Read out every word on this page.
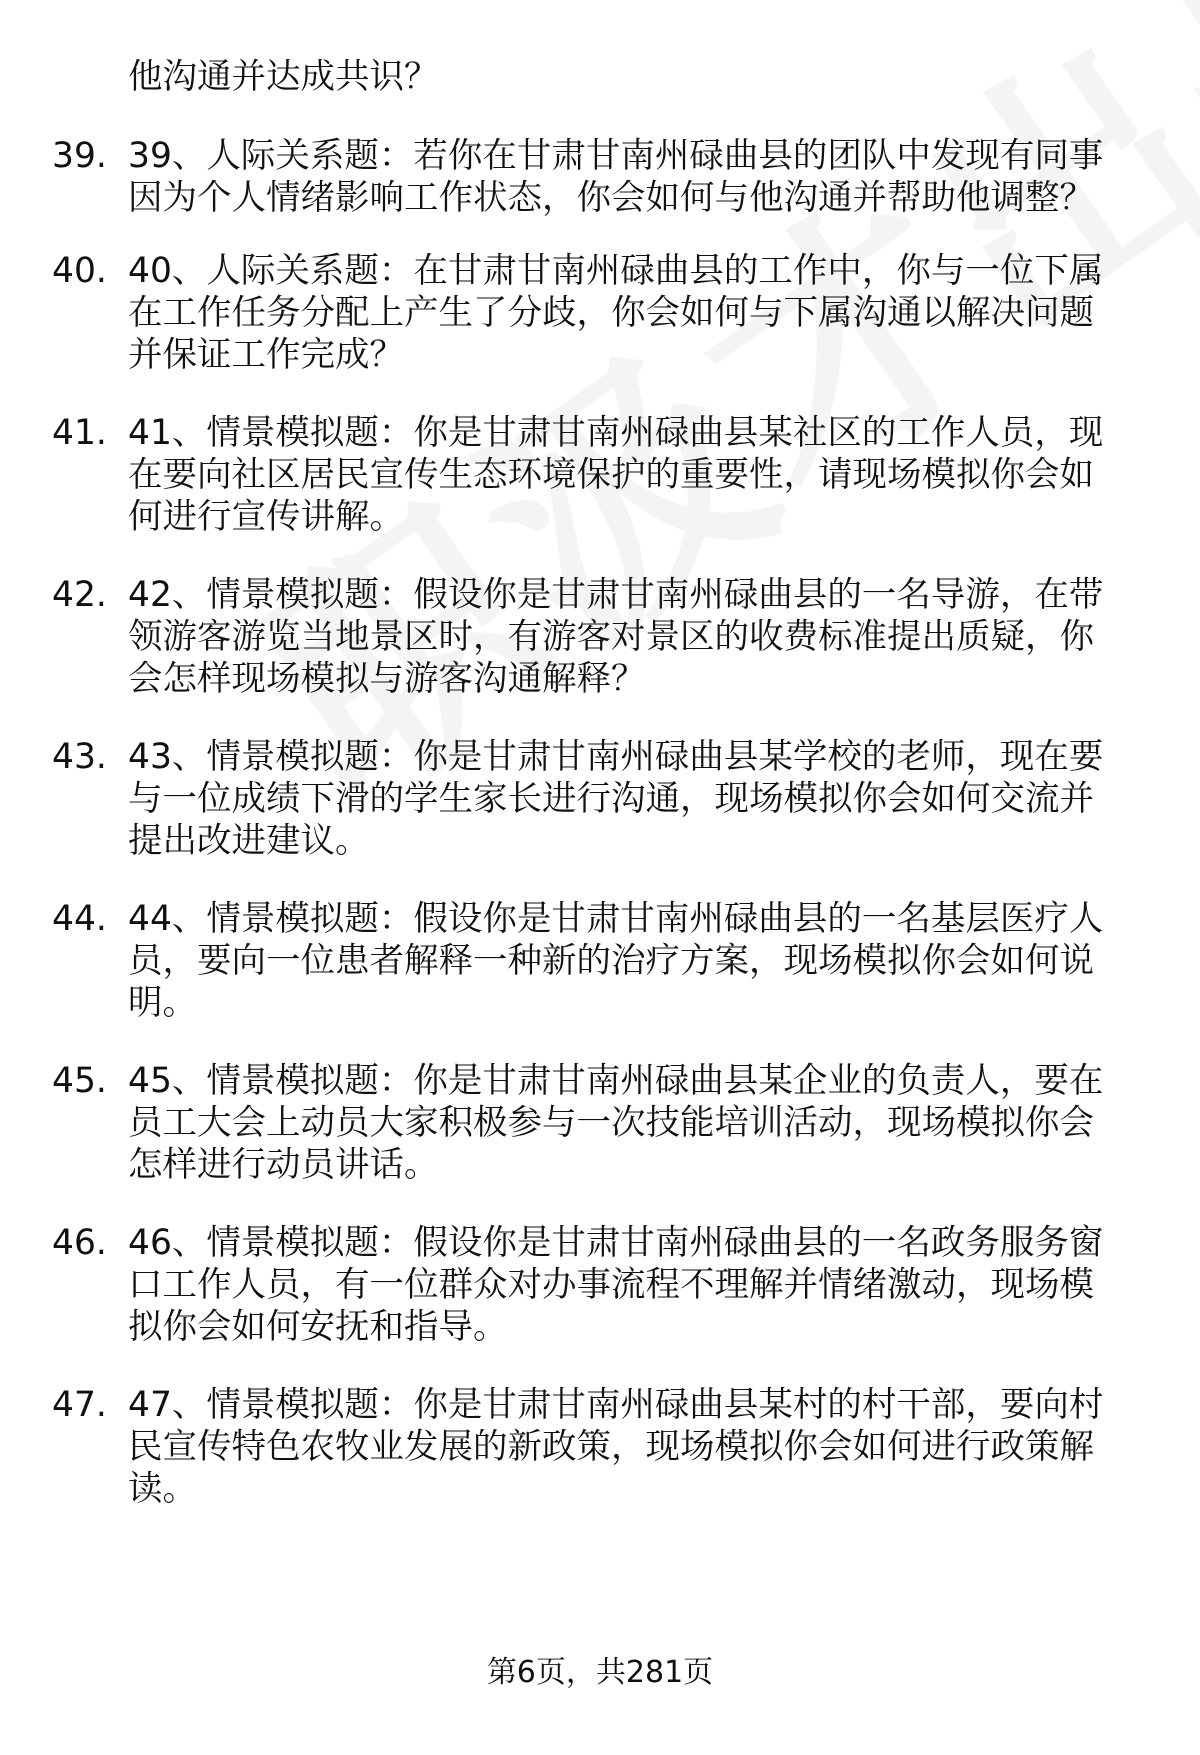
他沟通并达成共识？
39. 39、人际关系题：若你在甘肃甘南州碌曲县的团队中发现有同事
因为个人情绪影响工作状态，你会如何与他沟通并帮助他调整？
40. 40、人际关系题：在甘肃甘南州碌曲县的工作中，你与一位下属
在工作任务分配上产生了分歧，你会如何与下属沟通以解决问题
并保证工作完成？
41. 41、情景模拟题：你是甘肃甘南州碌曲县某社区的工作人员，现
在要向社区居民宣传生态环境保护的重要性，请现场模拟你会如
何进行宣传讲解。
42. 42、情景模拟题：假设你是甘肃甘南州碌曲县的一名导游，在带
领游客游览当地景区时，有游客对景区的收费标准提出质疑，你
会怎样现场模拟与游客沟通解释？
43. 43、情景模拟题：你是甘肃甘南州碌曲县某学校的老师，现在要
与一位成绩下滑的学生家长进行沟通，现场模拟你会如何交流并
提出改进建议。
44. 44、情景模拟题：假设你是甘肃甘南州碌曲县的一名基层医疗人
员，要向一位患者解释一种新的治疗方案，现场模拟你会如何说
明。
45. 45、情景模拟题：你是甘肃甘南州碌曲县某企业的负责人，要在
员工大会上动员大家积极参与一次技能培训活动，现场模拟你会
怎样进行动员讲话。
46. 46、情景模拟题：假设你是甘肃甘南州碌曲县的一名政务服务窗
口工作人员，有一位群众对办事流程不理解并情绪激动，现场模
拟你会如何安抚和指导。
47. 47、情景模拟题：你是甘肃甘南州碌曲县某村的村干部，要向村
民宣传特色农牧业发展的新政策，现场模拟你会如何进行政策解
读。
第6页，共281页
